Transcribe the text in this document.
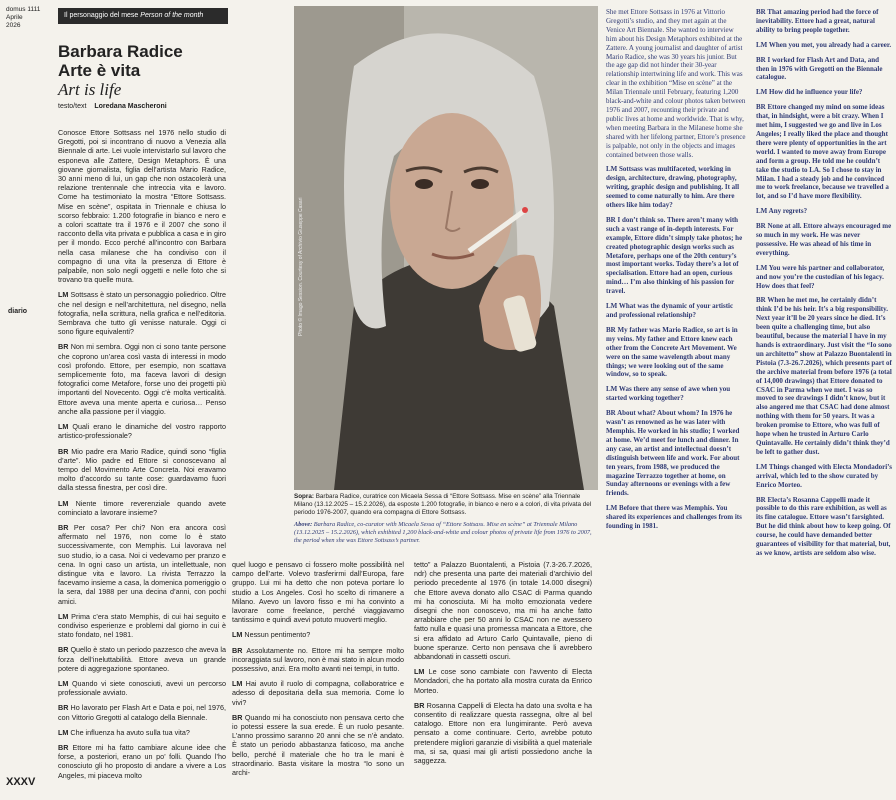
domus 1111
Aprile
2026
diario
XXXV
Il personaggio del mese Person of the month
Barbara Radice
Arte è vita
Art is life
testo/text Loredana Mascheroni

Conosce Ettore Sottsass nel 1976 nello studio di Gregotti, poi si incontrano di nuovo a Venezia alla Biennale di arte. Lei vuole intervistarlo sul lavoro che esponeva alle Zattere, Design Metaphors. È una giovane giornalista, figlia dell’artista Mario Radice, 30 anni meno di lui, un gap che non ostacolerà una relazione trentennale che intreccia vita e lavoro. Come ha testimoniato la mostra “Ettore Sottsass. Mise en scène”, ospitata in Triennale e chiusa lo scorso febbraio: 1.200 fotografie in bianco e nero e a colori scattate tra il 1976 e il 2007 che sono il racconto della vita privata e pubblica a casa e in giro per il mondo. Ecco perché all’incontro con Barbara nella casa milanese che ha condiviso con il compagno di una vita la presenza di Ettore è palpabile, non solo negli oggetti e nelle foto che si trovano tra quelle mura.

LM Sottsass è stato un personaggio poliedrico. Oltre che nel design e nell’architettura, nel disegno, nella fotografia, nella scrittura, nella grafica e nell’editoria. Sembrava che tutto gli venisse naturale. Oggi ci sono figure equivalenti?

BR Non mi sembra. Oggi non ci sono tante persone che coprono un’area così vasta di interessi in modo così profondo. Ettore, per esempio, non scattava semplicemente foto, ma faceva lavori di design fotografici come Metafore, forse uno dei progetti più importanti del Novecento. Oggi c’è molta verticalità. Ettore aveva una mente aperta e curiosa… Penso anche alla passione per il viaggio.

LM Quali erano le dinamiche del vostro rapporto artistico-professionale?

BR Mio padre era Mario Radice, quindi sono “figlia d’arte”. Mio padre ed Ettore si conoscevano al tempo del Movimento Arte Concreta. Noi eravamo molto d’accordo su tante cose: guardavamo fuori dalla stessa finestra, per così dire.

LM Niente timore reverenziale quando avete cominciato a lavorare insieme?

BR Per cosa? Per chi? Non era ancora così affermato nel 1976, non come lo è stato successivamente, con Memphis. Lui lavorava nel suo studio, io a casa. Noi ci vedevamo per pranzo e cena. In ogni caso un artista, un intellettuale, non distingue vita e lavoro. La rivista Terrazzo la facevamo insieme a casa, la domenica pomeriggio o la sera, dal 1988 per una decina d’anni, con pochi amici.

LM Prima c’era stato Memphis, di cui hai seguito e condiviso esperienze e problemi dal giorno in cui è stato fondato, nel 1981.

BR Quello è stato un periodo pazzesco che aveva la forza dell’ineluttabilità. Ettore aveva un grande potere di aggregazione spontaneo.

LM Quando vi siete conosciuti, avevi un percorso professionale avviato.

BR Ho lavorato per Flash Art e Data e poi, nel 1976, con Vittorio Gregotti al catalogo della Biennale.

LM Che influenza ha avuto sulla tua vita?

BR Ettore mi ha fatto cambiare alcune idee che forse, a posteriori, erano un po’ folli. Quando l’ho conosciuto gli ho proposto di andare a vivere a Los Angeles, mi piaceva molto

Photo © Imago Session. Courtesy of Archivio Giuseppe Casari

Sopra: Barbara Radice, curatrice con Micaela Sessa di “Ettore Sottsass. Mise en scène” alla Triennale Milano (13.12.2025 – 15.2.2026), da esposte 1.200 fotografie, in bianco e nero e a colori, di vita privata del periodo 1976-2007, quando era compagna di Ettore Sottsass.

Above: Barbara Radice, co-curator with Micaela Sessa of “Ettore Sottsass. Mise en scène” at Triennale Milano (13.12.2025 – 15.2.2026), which exhibited 1,200 black-and-white and colour photos of private life from 1976 to 2007, the period when she was Ettore Sottsass’s partner.

quel luogo e pensavo ci fossero molte possibilità nel campo dell’arte. Volevo trasferirmi dall’Europa, fare gruppo. Lui mi ha detto che non poteva portare lo studio a Los Angeles. Così ho scelto di rimanere a Milano. Avevo un lavoro fisso e mi ha convinto a lavorare come freelance, perché viaggiavamo tantissimo e quindi avevi potuto muoverti meglio.

LM Nessun pentimento?

BR Assolutamente no. Ettore mi ha sempre molto incoraggiata sul lavoro, non è mai stato in alcun modo possessivo, anzi. Era molto avanti nei tempi, in tutto.

LM Hai avuto il ruolo di compagna, collaboratrice e adesso di depositaria della sua memoria. Come lo vivi?

BR Quando mi ha conosciuto non pensava certo che io potessi essere la sua erede. È un ruolo pesante. L’anno prossimo saranno 20 anni che se n’è andato. È stato un periodo abbastanza faticoso, ma anche bello, perché il materiale che ho tra le mani è straordinario. Basta visitare la mostra “Io sono un archi-

tetto” a Palazzo Buontalenti, a Pistoia (7.3-26.7.2026, ndr) che presenta una parte dei materiali d’archivio del periodo precedente al 1976 (in totale 14.000 disegni) che Ettore aveva donato allo CSAC di Parma quando mi ha conosciuta. Mi ha molto emozionata vedere disegni che non conoscevo, ma mi ha anche fatto arrabbiare che per 50 anni lo CSAC non ne avessero fatto nulla e quasi una promessa mancata a Ettore, che si era affidato ad Arturo Carlo Quintavalle, pieno di buone speranze. Certo non pensava che li avrebbero abbandonati in cassetti oscuri.

LM Le cose sono cambiate con l’avvento di Electa Mondadori, che ha portato alla mostra curata da Enrico Morteo.

BR Rosanna Cappelli di Electa ha dato una svolta e ha consentito di realizzare questa rassegna, oltre al bel catalogo. Ettore non era lungimirante. Però aveva pensato a come continuare. Certo, avrebbe potuto pretendere migliori garanzie di visibilità a quel materiale ma, si sa, quasi mai gli artisti possiedono anche la saggezza.

She met Ettore Sottsass in 1976 at Vittorio Gregotti’s studio, and they met again at the Venice Art Biennale. She wanted to interview him about his Design Metaphors exhibited at the Zattere. A young journalist and daughter of artist Mario Radice, she was 30 years his junior. But the age gap did not hinder their 30-year relationship intertwining life and work. This was clear in the exhibition “Mise en scène” at the Milan Triennale until February, featuring 1,200 black-and-white and colour photos taken between 1976 and 2007, recounting their private and public lives at home and worldwide. That is why, when meeting Barbara in the Milanese home she shared with her lifelong partner, Ettore’s presence is palpable, not only in the objects and images contained between those walls.

LM Sottsass was multifaceted, working in design, architecture, drawing, photography, writing, graphic design and publishing. It all seemed to come naturally to him. Are there others like him today?

BR I don’t think so. There aren’t many with such a vast range of in-depth interests. For example, Ettore didn’t simply take photos; he created photographic design works such as Metafore, perhaps one of the 20th century’s most important works. Today there’s a lot of specialisation. Ettore had an open, curious mind… I’m also thinking of his passion for travel.

LM What was the dynamic of your artistic and professional relationship?

BR My father was Mario Radice, so art is in my veins. My father and Ettore knew each other from the Concrete Art Movement. We were on the same wavelength about many things; we were looking out of the same window, so to speak.

LM Was there any sense of awe when you started working together?

BR About what? About whom? In 1976 he wasn’t as renowned as he was later with Memphis. He worked in his studio; I worked at home. We’d meet for lunch and dinner. In any case, an artist and intellectual doesn’t distinguish between life and work. For about ten years, from 1988, we produced the magazine Terrazzo together at home, on Sunday afternoons or evenings with a few friends.

LM Before that there was Memphis. You shared its experiences and challenges from its founding in 1981.

BR That amazing period had the force of inevitability. Ettore had a great, natural ability to bring people together.

LM When you met, you already had a career.

BR I worked for Flash Art and Data, and then in 1976 with Gregotti on the Biennale catalogue.

LM How did he influence your life?

BR Ettore changed my mind on some ideas that, in hindsight, were a bit crazy. When I met him, I suggested we go and live in Los Angeles; I really liked the place and thought there were plenty of opportunities in the art world. I wanted to move away from Europe and form a group. He told me he couldn’t take the studio to LA. So I chose to stay in Milan. I had a steady job and he convinced me to work freelance, because we travelled a lot, and so I’d have more flexibility.

LM Any regrets?

BR None at all. Ettore always encouraged me so much in my work. He was never possessive. He was ahead of his time in everything.

LM You were his partner and collaborator, and now you’re the custodian of his legacy. How does that feel?

BR When he met me, he certainly didn’t think I’d be his heir. It’s a big responsibility. Next year it’ll be 20 years since he died. It’s been quite a challenging time, but also beautiful, because the material I have in my hands is extraordinary. Just visit the “Io sono un architetto” show at Palazzo Buontalenti in Pistoia (7.3-26.7.2026), which presents part of the archive material from before 1976 (a total of 14,000 drawings) that Ettore donated to CSAC in Parma when we met. I was so moved to see drawings I didn’t know, but it also angered me that CSAC had done almost nothing with them for 50 years. It was a broken promise to Ettore, who was full of hope when he trusted in Arturo Carlo Quintavalle. He certainly didn’t think they’d be left to gather dust.

LM Things changed with Electa Mondadori’s arrival, which led to the show curated by Enrico Morteo.

BR Electa’s Rosanna Cappelli made it possible to do this rare exhibition, as well as its fine catalogue. Ettore wasn’t farsighted. But he did think about how to keep going. Of course, he could have demanded better guarantees of visibility for that material, but, as we know, artists are seldom also wise.
